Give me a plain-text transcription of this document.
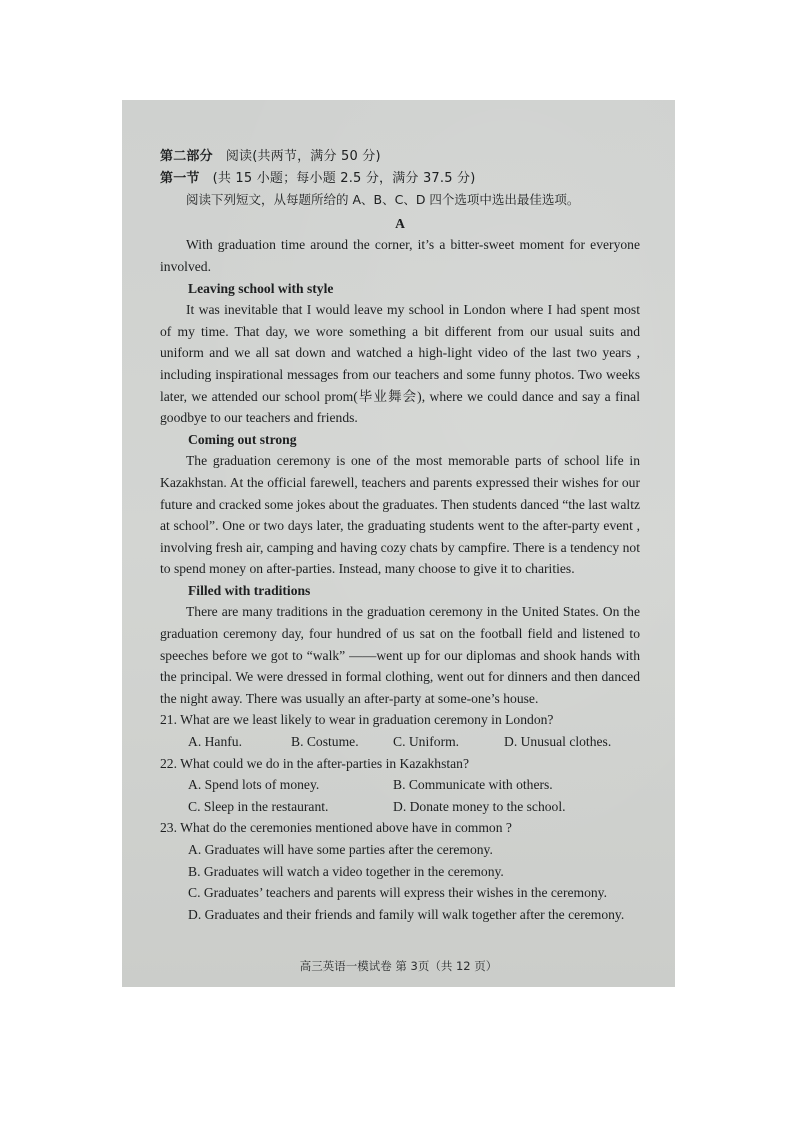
第二部分 阅读(共两节，满分 50 分)
第一节 (共 15 小题；每小题 2.5 分，满分 37.5 分)
阅读下列短文，从每题所给的 A、B、C、D 四个选项中选出最佳选项。
A
With graduation time around the corner, it’s a bitter-sweet moment for everyone
involved.
Leaving school with style
It was inevitable that I would leave my school in London where I had spent most
of my time. That day, we wore something a bit different from our usual suits and
uniform and we all sat down and watched a high-light video of the last two years ,
including inspirational messages from our teachers and some funny photos. Two weeks
later, we attended our school prom(毕业舞会), where we could dance and say a final
goodbye to our teachers and friends.
Coming out strong
The graduation ceremony is one of the most memorable parts of school life in
Kazakhstan. At the official farewell, teachers and parents expressed their wishes for our
future and cracked some jokes about the graduates. Then students danced “the last waltz
at school”. One or two days later, the graduating students went to the after-party event ,
involving fresh air, camping and having cozy chats by campfire. There is a tendency not
to spend money on after-parties. Instead, many choose to give it to charities.
Filled with traditions
There are many traditions in the graduation ceremony in the United States. On the
graduation ceremony day, four hundred of us sat on the football field and listened to
speeches before we got to “walk” ——went up for our diplomas and shook hands with
the principal. We were dressed in formal clothing, went out for dinners and then danced
the night away. There was usually an after-party at some-one’s house.
21. What are we least likely to wear in graduation ceremony in London?
A. Hanfu.	B. Costume.	C. Uniform.	D. Unusual clothes.
22. What could we do in the after-parties in Kazakhstan?
A. Spend lots of money.	B. Communicate with others.
C. Sleep in the restaurant.	D. Donate money to the school.
23. What do the ceremonies mentioned above have in common ?
A. Graduates will have some parties after the ceremony.
B. Graduates will watch a video together in the ceremony.
C. Graduates’ teachers and parents will express their wishes in the ceremony.
D. Graduates and their friends and family will walk together after the ceremony.
高三英语一模试卷 第 3页（共 12 页）
